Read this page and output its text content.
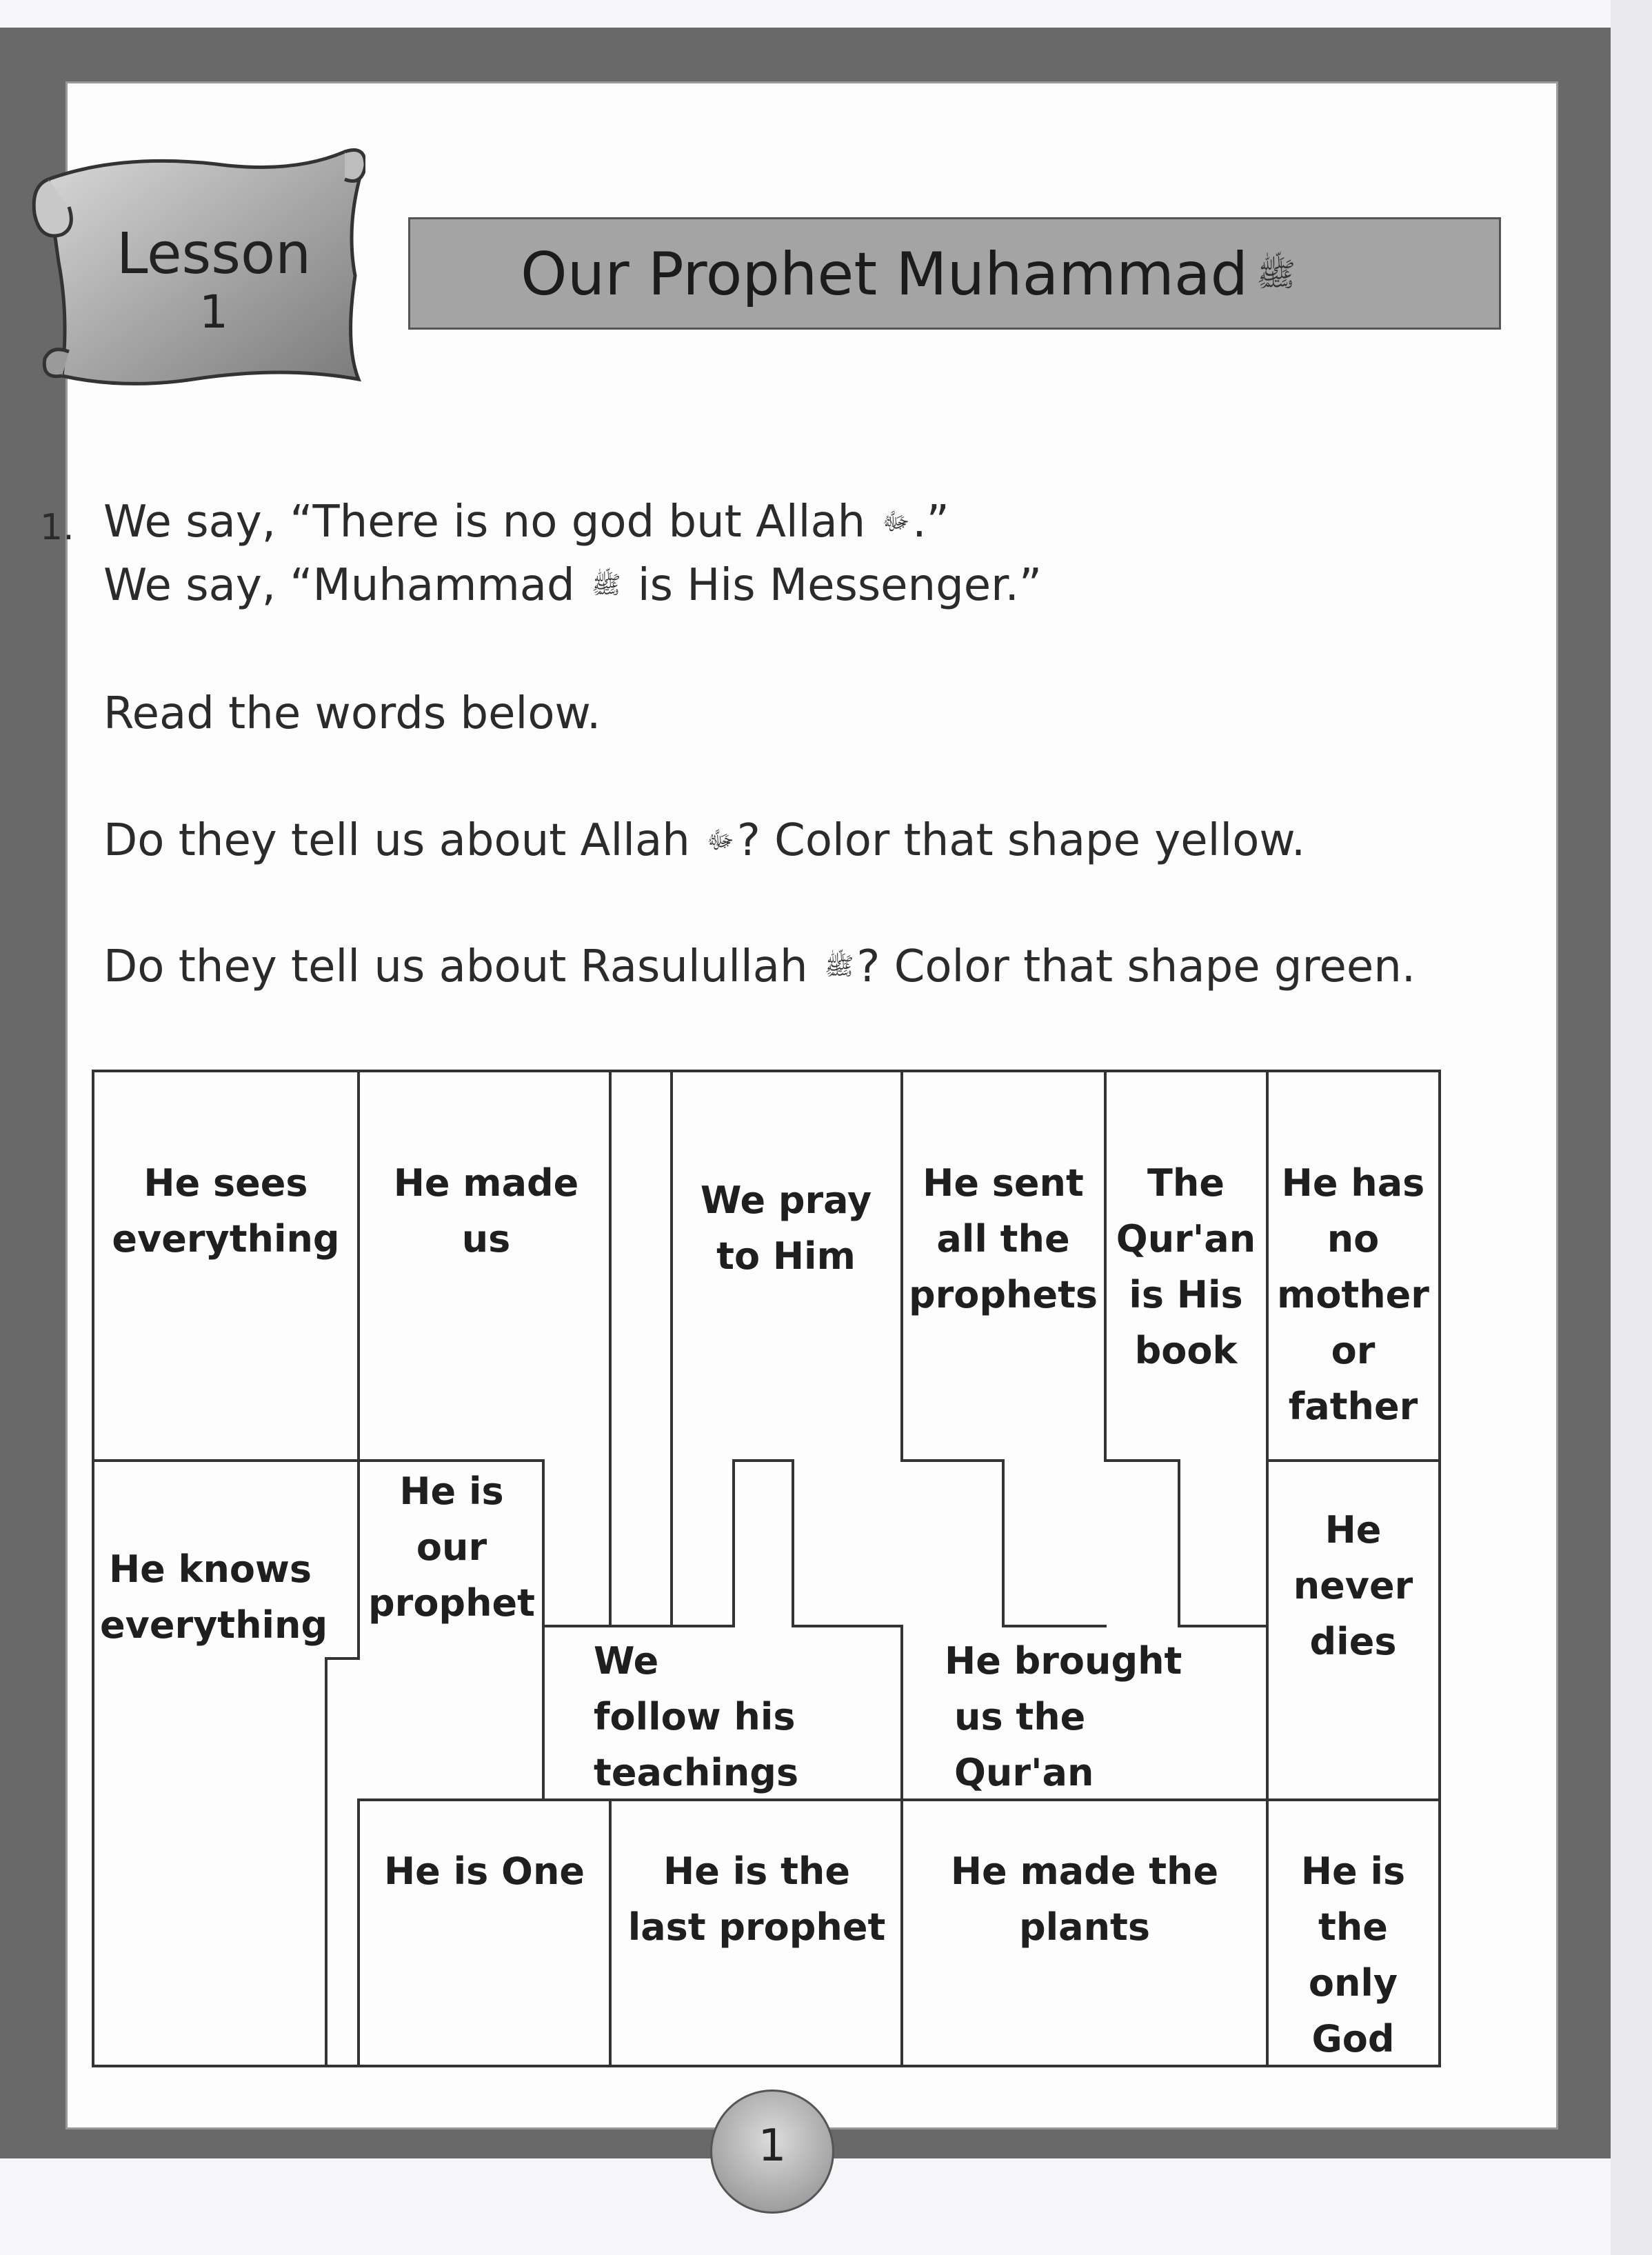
Lesson
1
Our Prophet Muhammad ﷺ
1. We say, “There is no god but Allah ﷻ.”
We say, “Muhammad ﷺ is His Messenger.”
Read the words below.
Do they tell us about Allah ﷻ? Color that shape yellow.
Do they tell us about Rasulullah ﷺ? Color that shape green.
He sees
everything
He made
us
We pray
to Him
He sent
all the
prophets
The
Qur'an
is His
book
He has
no
mother
or
father
He knows
everything
He is
our
prophet
He
never
dies
We
follow his
teachings
He brought
us the
Qur'an
He is One	He is the
last prophet
He made the
plants
He is
the
only
God
1
